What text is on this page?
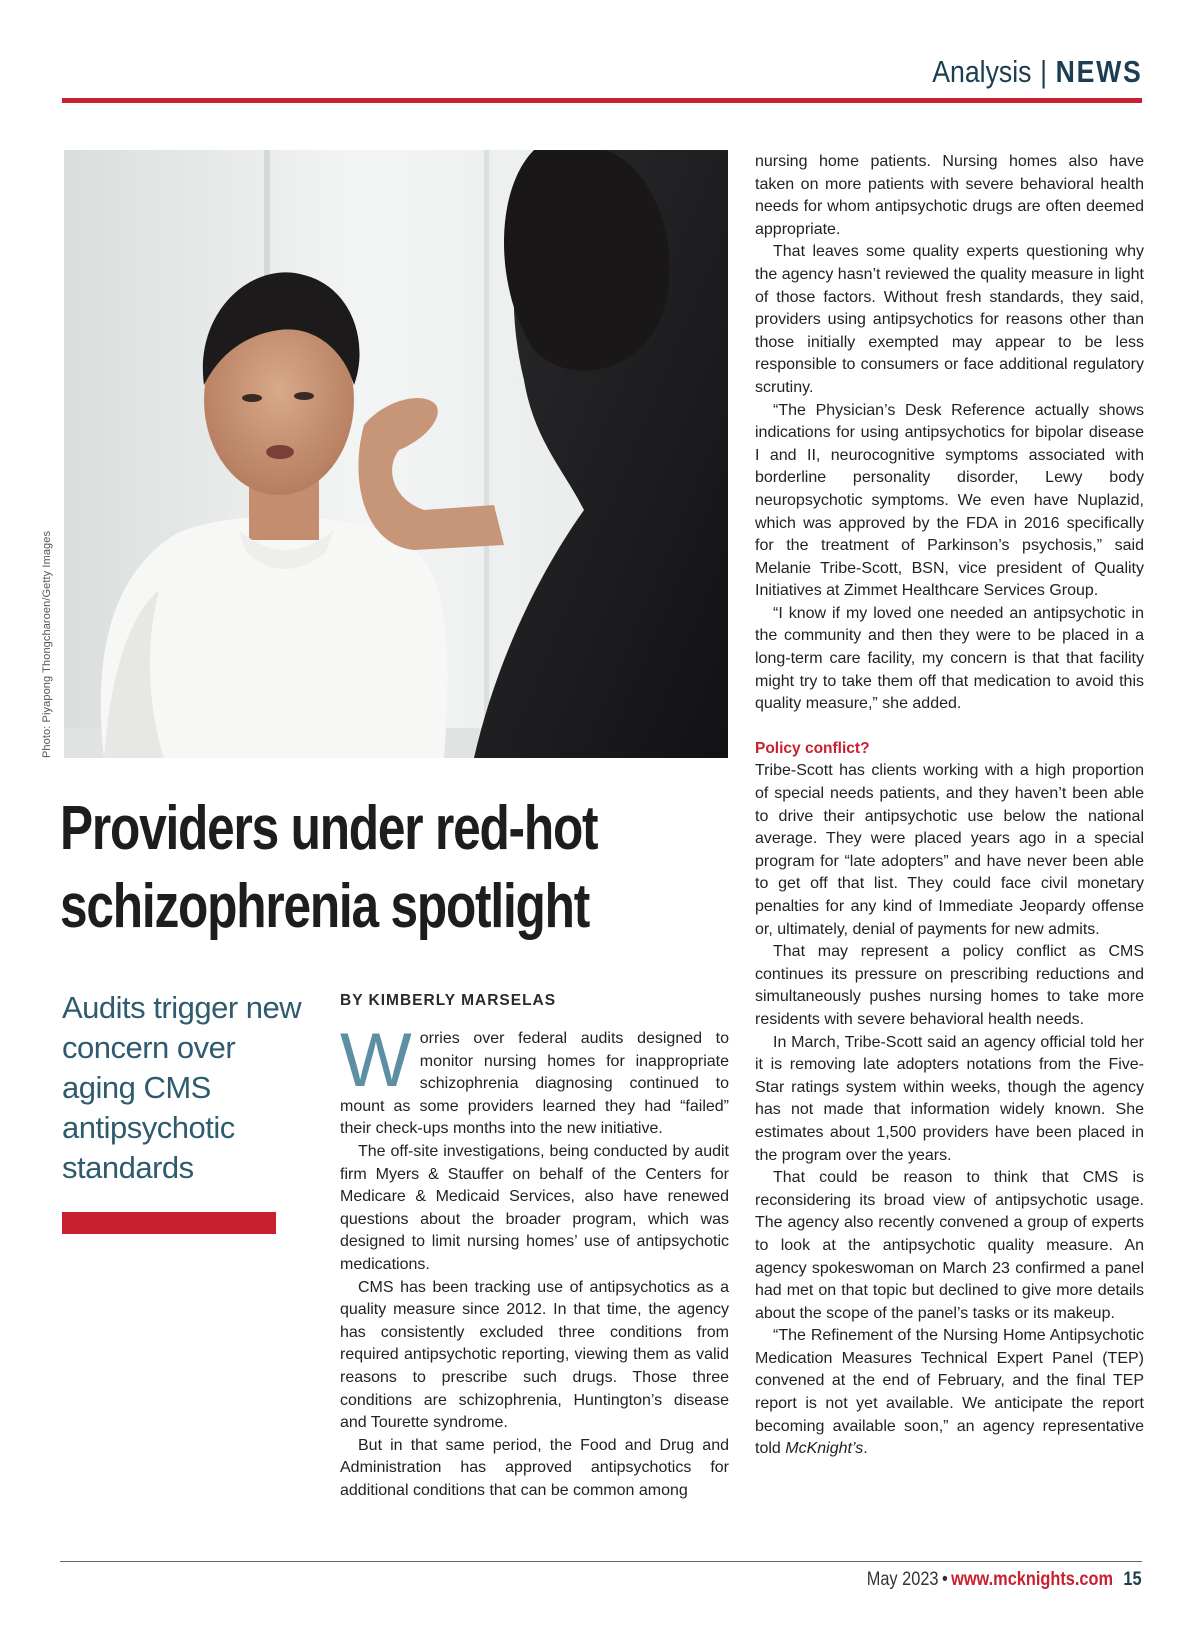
Analysis | NEWS
Photo: Piyapong Thongcharoen/Getty Images
Providers under red-hot
schizophrenia spotlight
Audits trigger new concern over aging CMS antipsychotic standards
BY KIMBERLY MARSELAS

Worries over federal audits designed to monitor nursing homes for inappropriate schizophrenia diagnosing continued to mount as some providers learned they had “failed” their check-ups months into the new initiative.

The off-site investigations, being conducted by audit firm Myers & Stauffer on behalf of the Centers for Medicare & Medicaid Services, also have renewed questions about the broader program, which was designed to limit nursing homes’ use of antipsychotic medications.

CMS has been tracking use of antipsychotics as a quality measure since 2012. In that time, the agency has consistently excluded three conditions from required antipsychotic reporting, viewing them as valid reasons to prescribe such drugs. Those three conditions are schizophrenia, Huntington’s disease and Tourette syndrome.

But in that same period, the Food and Drug and Administration has approved antipsychotics for additional conditions that can be common among

nursing home patients. Nursing homes also have taken on more patients with severe behavioral health needs for whom antipsychotic drugs are often deemed appropriate.

That leaves some quality experts questioning why the agency hasn’t reviewed the quality measure in light of those factors. Without fresh standards, they said, providers using antipsychotics for reasons other than those initially exempted may appear to be less responsible to consumers or face additional regulatory scrutiny.

“The Physician’s Desk Reference actually shows indications for using antipsychotics for bipolar disease I and II, neurocognitive symptoms associated with borderline personality disorder, Lewy body neuropsychotic symptoms. We even have Nuplazid, which was approved by the FDA in 2016 specifically for the treatment of Parkinson’s psychosis,” said Melanie Tribe-Scott, BSN, vice president of Quality Initiatives at Zimmet Healthcare Services Group.

“I know if my loved one needed an antipsychotic in the community and then they were to be placed in a long-term care facility, my concern is that that facility might try to take them off that medication to avoid this quality measure,” she added.

Policy conflict?

Tribe-Scott has clients working with a high proportion of special needs patients, and they haven’t been able to drive their antipsychotic use below the national average. They were placed years ago in a special program for “late adopters” and have never been able to get off that list. They could face civil monetary penalties for any kind of Immediate Jeopardy offense or, ultimately, denial of payments for new admits.

That may represent a policy conflict as CMS continues its pressure on prescribing reductions and simultaneously pushes nursing homes to take more residents with severe behavioral health needs.

In March, Tribe-Scott said an agency official told her it is removing late adopters notations from the Five-Star ratings system within weeks, though the agency has not made that information widely known. She estimates about 1,500 providers have been placed in the program over the years.

That could be reason to think that CMS is reconsidering its broad view of antipsychotic usage. The agency also recently convened a group of experts to look at the antipsychotic quality measure. An agency spokeswoman on March 23 confirmed a panel had met on that topic but declined to give more details about the scope of the panel’s tasks or its makeup.

“The Refinement of the Nursing Home Antipsychotic Medication Measures Technical Expert Panel (TEP) convened at the end of February, and the final TEP report is not yet available. We anticipate the report becoming available soon,” an agency representative told McKnight’s.

May 2023 • www.mcknights.com 15
